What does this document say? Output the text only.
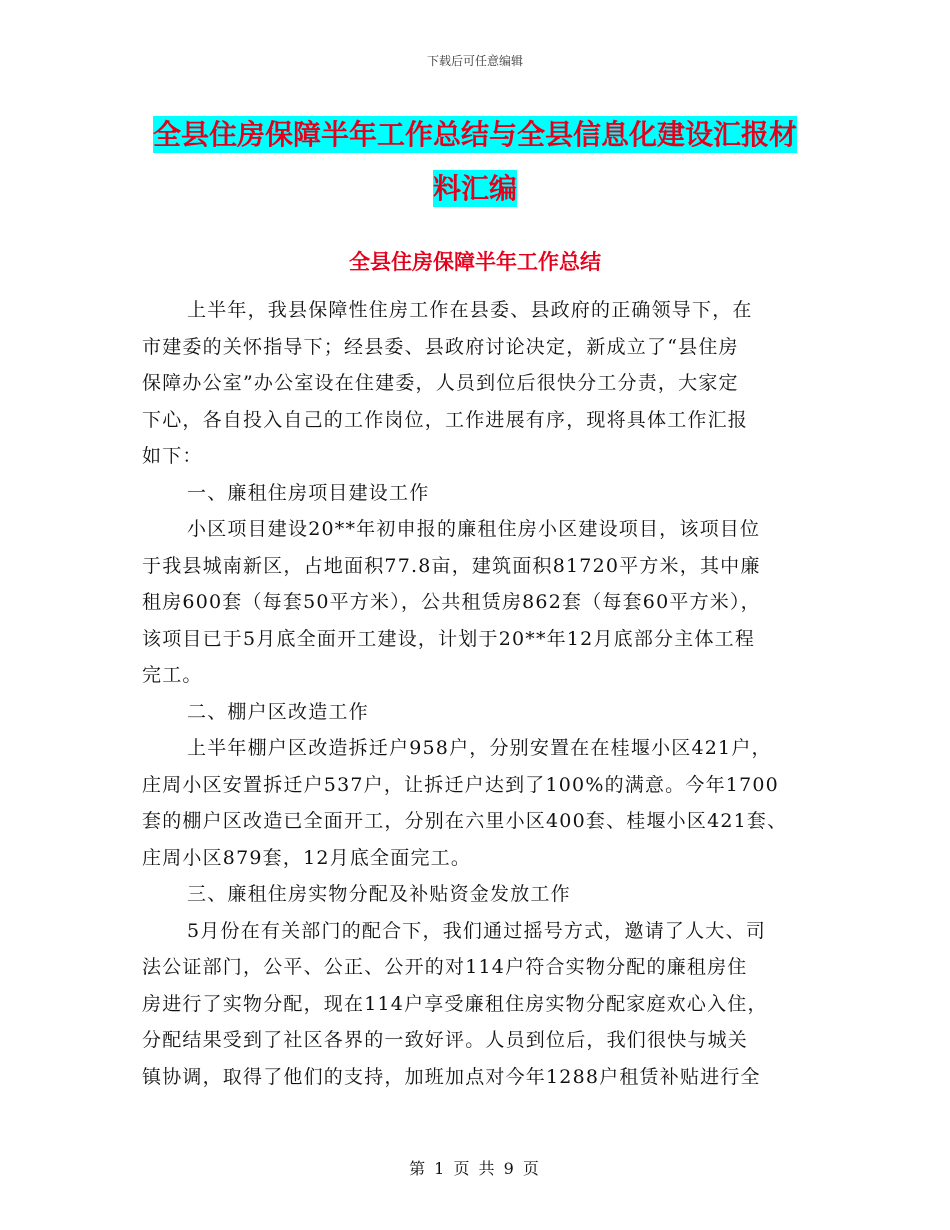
下载后可任意编辑
全县住房保障半年工作总结与全县信息化建设汇报材
料汇编
全县住房保障半年工作总结
上半年，我县保障性住房工作在县委、县政府的正确领导下，在
市建委的关怀指导下；经县委、县政府讨论决定，新成立了“县住房
保障办公室”办公室设在住建委，人员到位后很快分工分责，大家定
下心，各自投入自己的工作岗位，工作进展有序，现将具体工作汇报
如下：
一、廉租住房项目建设工作
小区项目建设20**年初申报的廉租住房小区建设项目，该项目位
于我县城南新区，占地面积77.8亩，建筑面积81720平方米，其中廉
租房600套（每套50平方米），公共租赁房862套（每套60平方米），
该项目已于5月底全面开工建设，计划于20**年12月底部分主体工程
完工。
二、棚户区改造工作
上半年棚户区改造拆迁户958户，分别安置在在桂堰小区421户，
庄周小区安置拆迁户537户，让拆迁户达到了100%的满意。今年1700
套的棚户区改造已全面开工，分别在六里小区400套、桂堰小区421套、
庄周小区879套，12月底全面完工。
三、廉租住房实物分配及补贴资金发放工作
5月份在有关部门的配合下，我们通过摇号方式，邀请了人大、司
法公证部门，公平、公正、公开的对114户符合实物分配的廉租房住
房进行了实物分配，现在114户享受廉租住房实物分配家庭欢心入住，
分配结果受到了社区各界的一致好评。人员到位后，我们很快与城关
镇协调，取得了他们的支持，加班加点对今年1288户租赁补贴进行全
第 1 页 共 9 页
